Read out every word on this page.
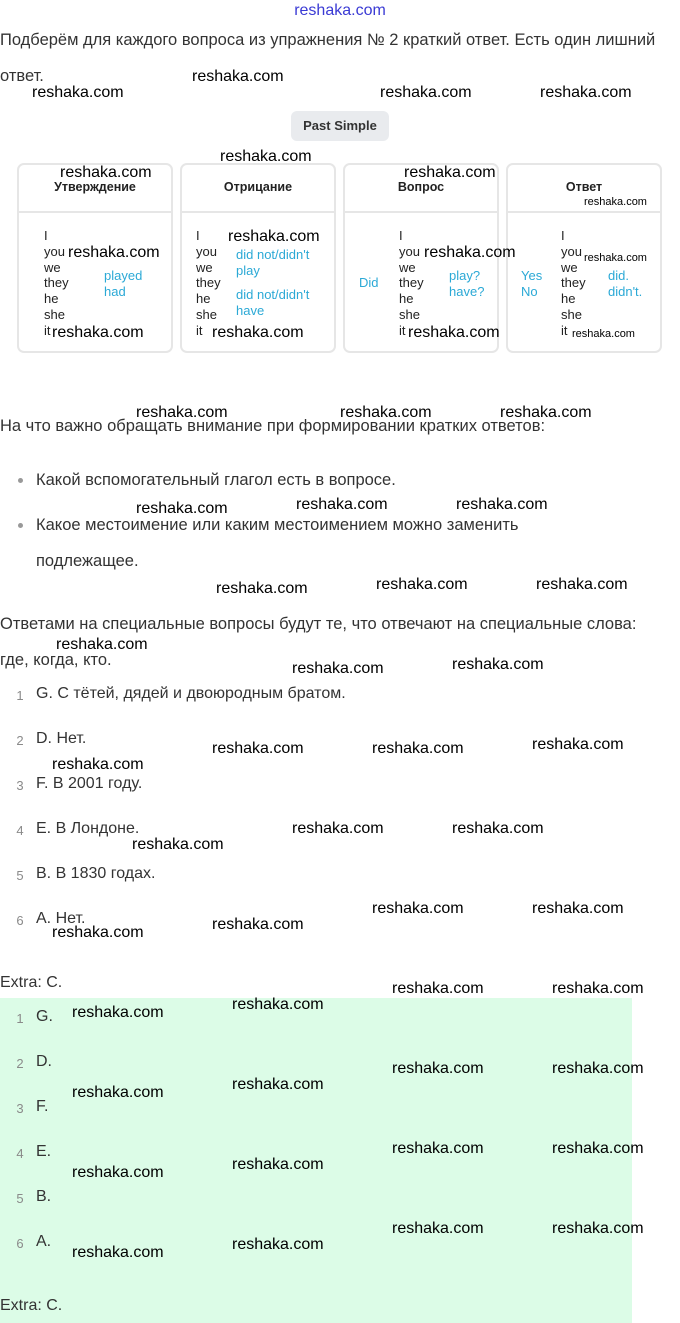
reshaka.com
Подберём для каждого вопроса из упражнения № 2 краткий ответ. Есть один лишний ответ.
Past Simple
Утверждение
I
you
we
they
he
she
it
played
had
Отрицание
I
you
we
they
he
she
it
did not/didn't play
did not/didn't have
Вопрос
Did
I
you
we
they
he
she
it
play?
have?
Ответ
Yes
No
I
you
we
they
he
she
it
did.
didn't.
На что важно обращать внимание при формировании кратких ответов:
Какой вспомогательный глагол есть в вопросе.
Какое местоимение или каким местоимением можно заменить подлежащее.
Ответами на специальные вопросы будут те, что отвечают на специальные слова: где, когда, кто.
1 G. С тётей, дядей и двоюродным братом.
2 D. Нет.
3 F. В 2001 году.
4 E. В Лондоне.
5 B. В 1830 годах.
6 A. Нет.
Extra: C.
1 G.
2 D.
3 F.
4 E.
5 B.
6 A.
Extra: C.
reshaka.com
reshaka.com	reshaka.com	reshaka.com
reshaka.com
reshaka.com	reshaka.com
reshaka.com
reshaka.com
reshaka.com	reshaka.com	reshaka.com
reshaka.com	reshaka.com	reshaka.com	reshaka.com
reshaka.com	reshaka.com	reshaka.com
reshaka.com	reshaka.com
reshaka.com
reshaka.com	reshaka.com
reshaka.com
reshaka.com
reshaka.com
reshaka.com
reshaka.com
reshaka.com	reshaka.com
reshaka.com
reshaka.com	reshaka.com
reshaka.com
reshaka.com	reshaka.com
reshaka.com
reshaka.com
reshaka.com	reshaka.com
reshaka.com
reshaka.com
reshaka.com	reshaka.com
reshaka.com
reshaka.com
reshaka.com	reshaka.com
reshaka.com
reshaka.com
reshaka.com	reshaka.com
reshaka.com
reshaka.com
